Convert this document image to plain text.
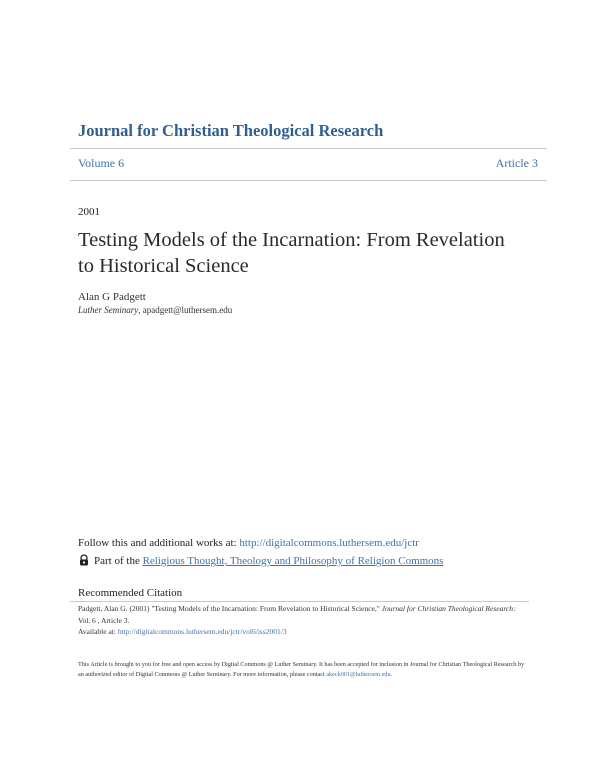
Journal for Christian Theological Research
Volume 6	Article 3
2001
Testing Models of the Incarnation: From Revelation to Historical Science
Alan G Padgett
Luther Seminary, apadgett@luthersem.edu
Follow this and additional works at: http://digitalcommons.luthersem.edu/jctr
Part of the Religious Thought, Theology and Philosophy of Religion Commons
Recommended Citation
Padgett, Alan G. (2001) "Testing Models of the Incarnation: From Revelation to Historical Science," Journal for Christian Theological Research: Vol. 6 , Article 3.
Available at: http://digitalcommons.luthersem.edu/jctr/vol6/iss2001/3
This Article is brought to you for free and open access by Digital Commons @ Luther Seminary. It has been accepted for inclusion in Journal for Christian Theological Research by an authorized editor of Digital Commons @ Luther Seminary. For more information, please contact akeck001@luthersem.edu.
